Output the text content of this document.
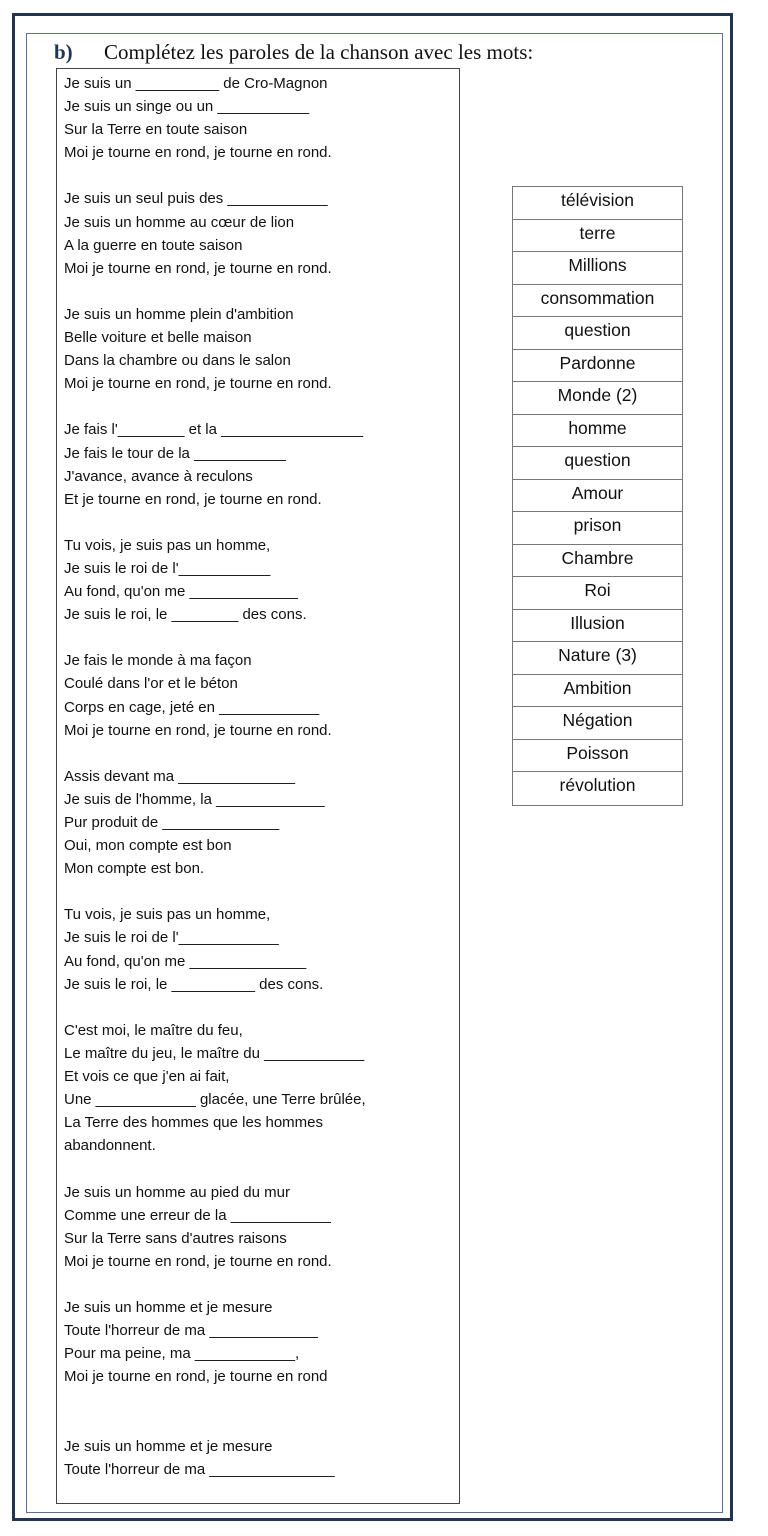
b) Complétez les paroles de la chanson avec les mots:
Je suis un __________ de Cro-Magnon
Je suis un singe ou un ___________
Sur la Terre en toute saison
Moi je tourne en rond, je tourne en rond.
Je suis un seul puis des ____________
Je suis un homme au cœur de lion
A la guerre en toute saison
Moi je tourne en rond, je tourne en rond.
Je suis un homme plein d'ambition
Belle voiture et belle maison
Dans la chambre ou dans le salon
Moi je tourne en rond, je tourne en rond.
Je fais l'________ et la _________________
Je fais le tour de la ___________
J'avance, avance à reculons
Et je tourne en rond, je tourne en rond.
Tu vois, je suis pas un homme,
Je suis le roi de l'___________
Au fond, qu'on me _____________
Je suis le roi, le ________ des cons.
Je fais le monde à ma façon
Coulé dans l'or et le béton
Corps en cage, jeté en ____________
Moi je tourne en rond, je tourne en rond.
Assis devant ma ______________
Je suis de l'homme, la _____________
Pur produit de ______________
Oui, mon compte est bon
Mon compte est bon.
Tu vois, je suis pas un homme,
Je suis le roi de l'____________
Au fond, qu'on me ______________
Je suis le roi, le __________ des cons.
C'est moi, le maître du feu,
Le maître du jeu, le maître du ____________
Et vois ce que j'en ai fait,
Une ____________ glacée, une Terre brûlée,
La Terre des hommes que les hommes
abandonnent.
Je suis un homme au pied du mur
Comme une erreur de la ____________
Sur la Terre sans d'autres raisons
Moi je tourne en rond, je tourne en rond.
Je suis un homme et je mesure
Toute l'horreur de ma _____________
Pour ma peine, ma ____________,
Moi je tourne en rond, je tourne en rond
Je suis un homme et je mesure
Toute l'horreur de ma _______________
télévision
terre
Millions
consommation
question
Pardonne
Monde (2)
homme
question
Amour
prison
Chambre
Roi
Illusion
Nature (3)
Ambition
Négation
Poisson
révolution
